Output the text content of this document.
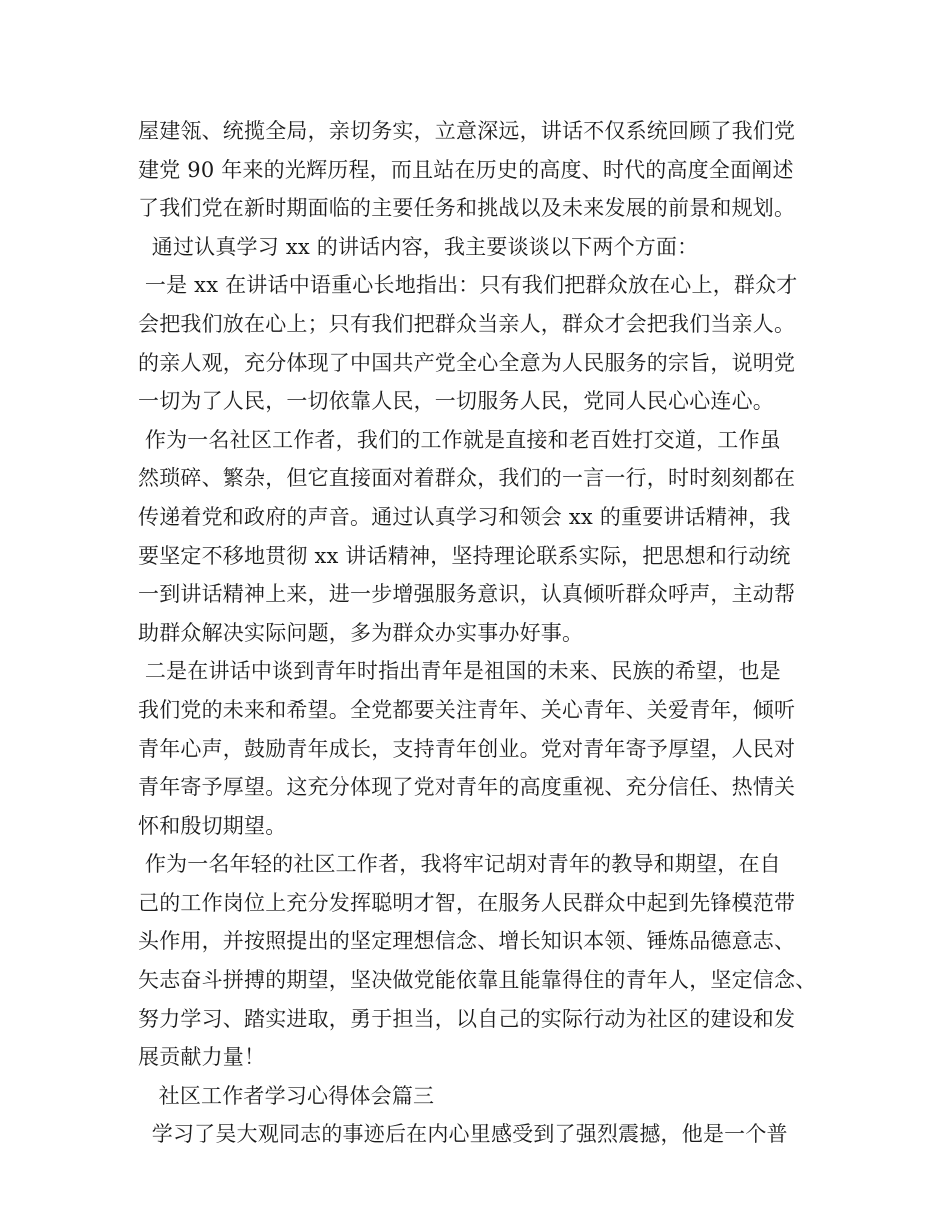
屋建瓴、统揽全局，亲切务实，立意深远，讲话不仅系统回顾了我们党
建党 90 年来的光辉历程，而且站在历史的高度、时代的高度全面阐述
了我们党在新时期面临的主要任务和挑战以及未来发展的前景和规划。
通过认真学习 xx 的讲话内容，我主要谈谈以下两个方面：
一是 xx 在讲话中语重心长地指出：只有我们把群众放在心上，群众才
会把我们放在心上；只有我们把群众当亲人，群众才会把我们当亲人。
的亲人观，充分体现了中国共产党全心全意为人民服务的宗旨，说明党
一切为了人民，一切依靠人民，一切服务人民，党同人民心心连心。
作为一名社区工作者，我们的工作就是直接和老百姓打交道，工作虽
然琐碎、繁杂，但它直接面对着群众，我们的一言一行，时时刻刻都在
传递着党和政府的声音。通过认真学习和领会 xx 的重要讲话精神，我
要坚定不移地贯彻 xx 讲话精神，坚持理论联系实际，把思想和行动统
一到讲话精神上来，进一步增强服务意识，认真倾听群众呼声，主动帮
助群众解决实际问题，多为群众办实事办好事。
二是在讲话中谈到青年时指出青年是祖国的未来、民族的希望，也是
我们党的未来和希望。全党都要关注青年、关心青年、关爱青年，倾听
青年心声，鼓励青年成长，支持青年创业。党对青年寄予厚望，人民对
青年寄予厚望。这充分体现了党对青年的高度重视、充分信任、热情关
怀和殷切期望。
作为一名年轻的社区工作者，我将牢记胡对青年的教导和期望，在自
己的工作岗位上充分发挥聪明才智，在服务人民群众中起到先锋模范带
头作用，并按照提出的坚定理想信念、增长知识本领、锤炼品德意志、
矢志奋斗拼搏的期望，坚决做党能依靠且能靠得住的青年人，坚定信念、
努力学习、踏实进取，勇于担当，以自己的实际行动为社区的建设和发
展贡献力量！
社区工作者学习心得体会篇三
学习了吴大观同志的事迹后在内心里感受到了强烈震撼，他是一个普
